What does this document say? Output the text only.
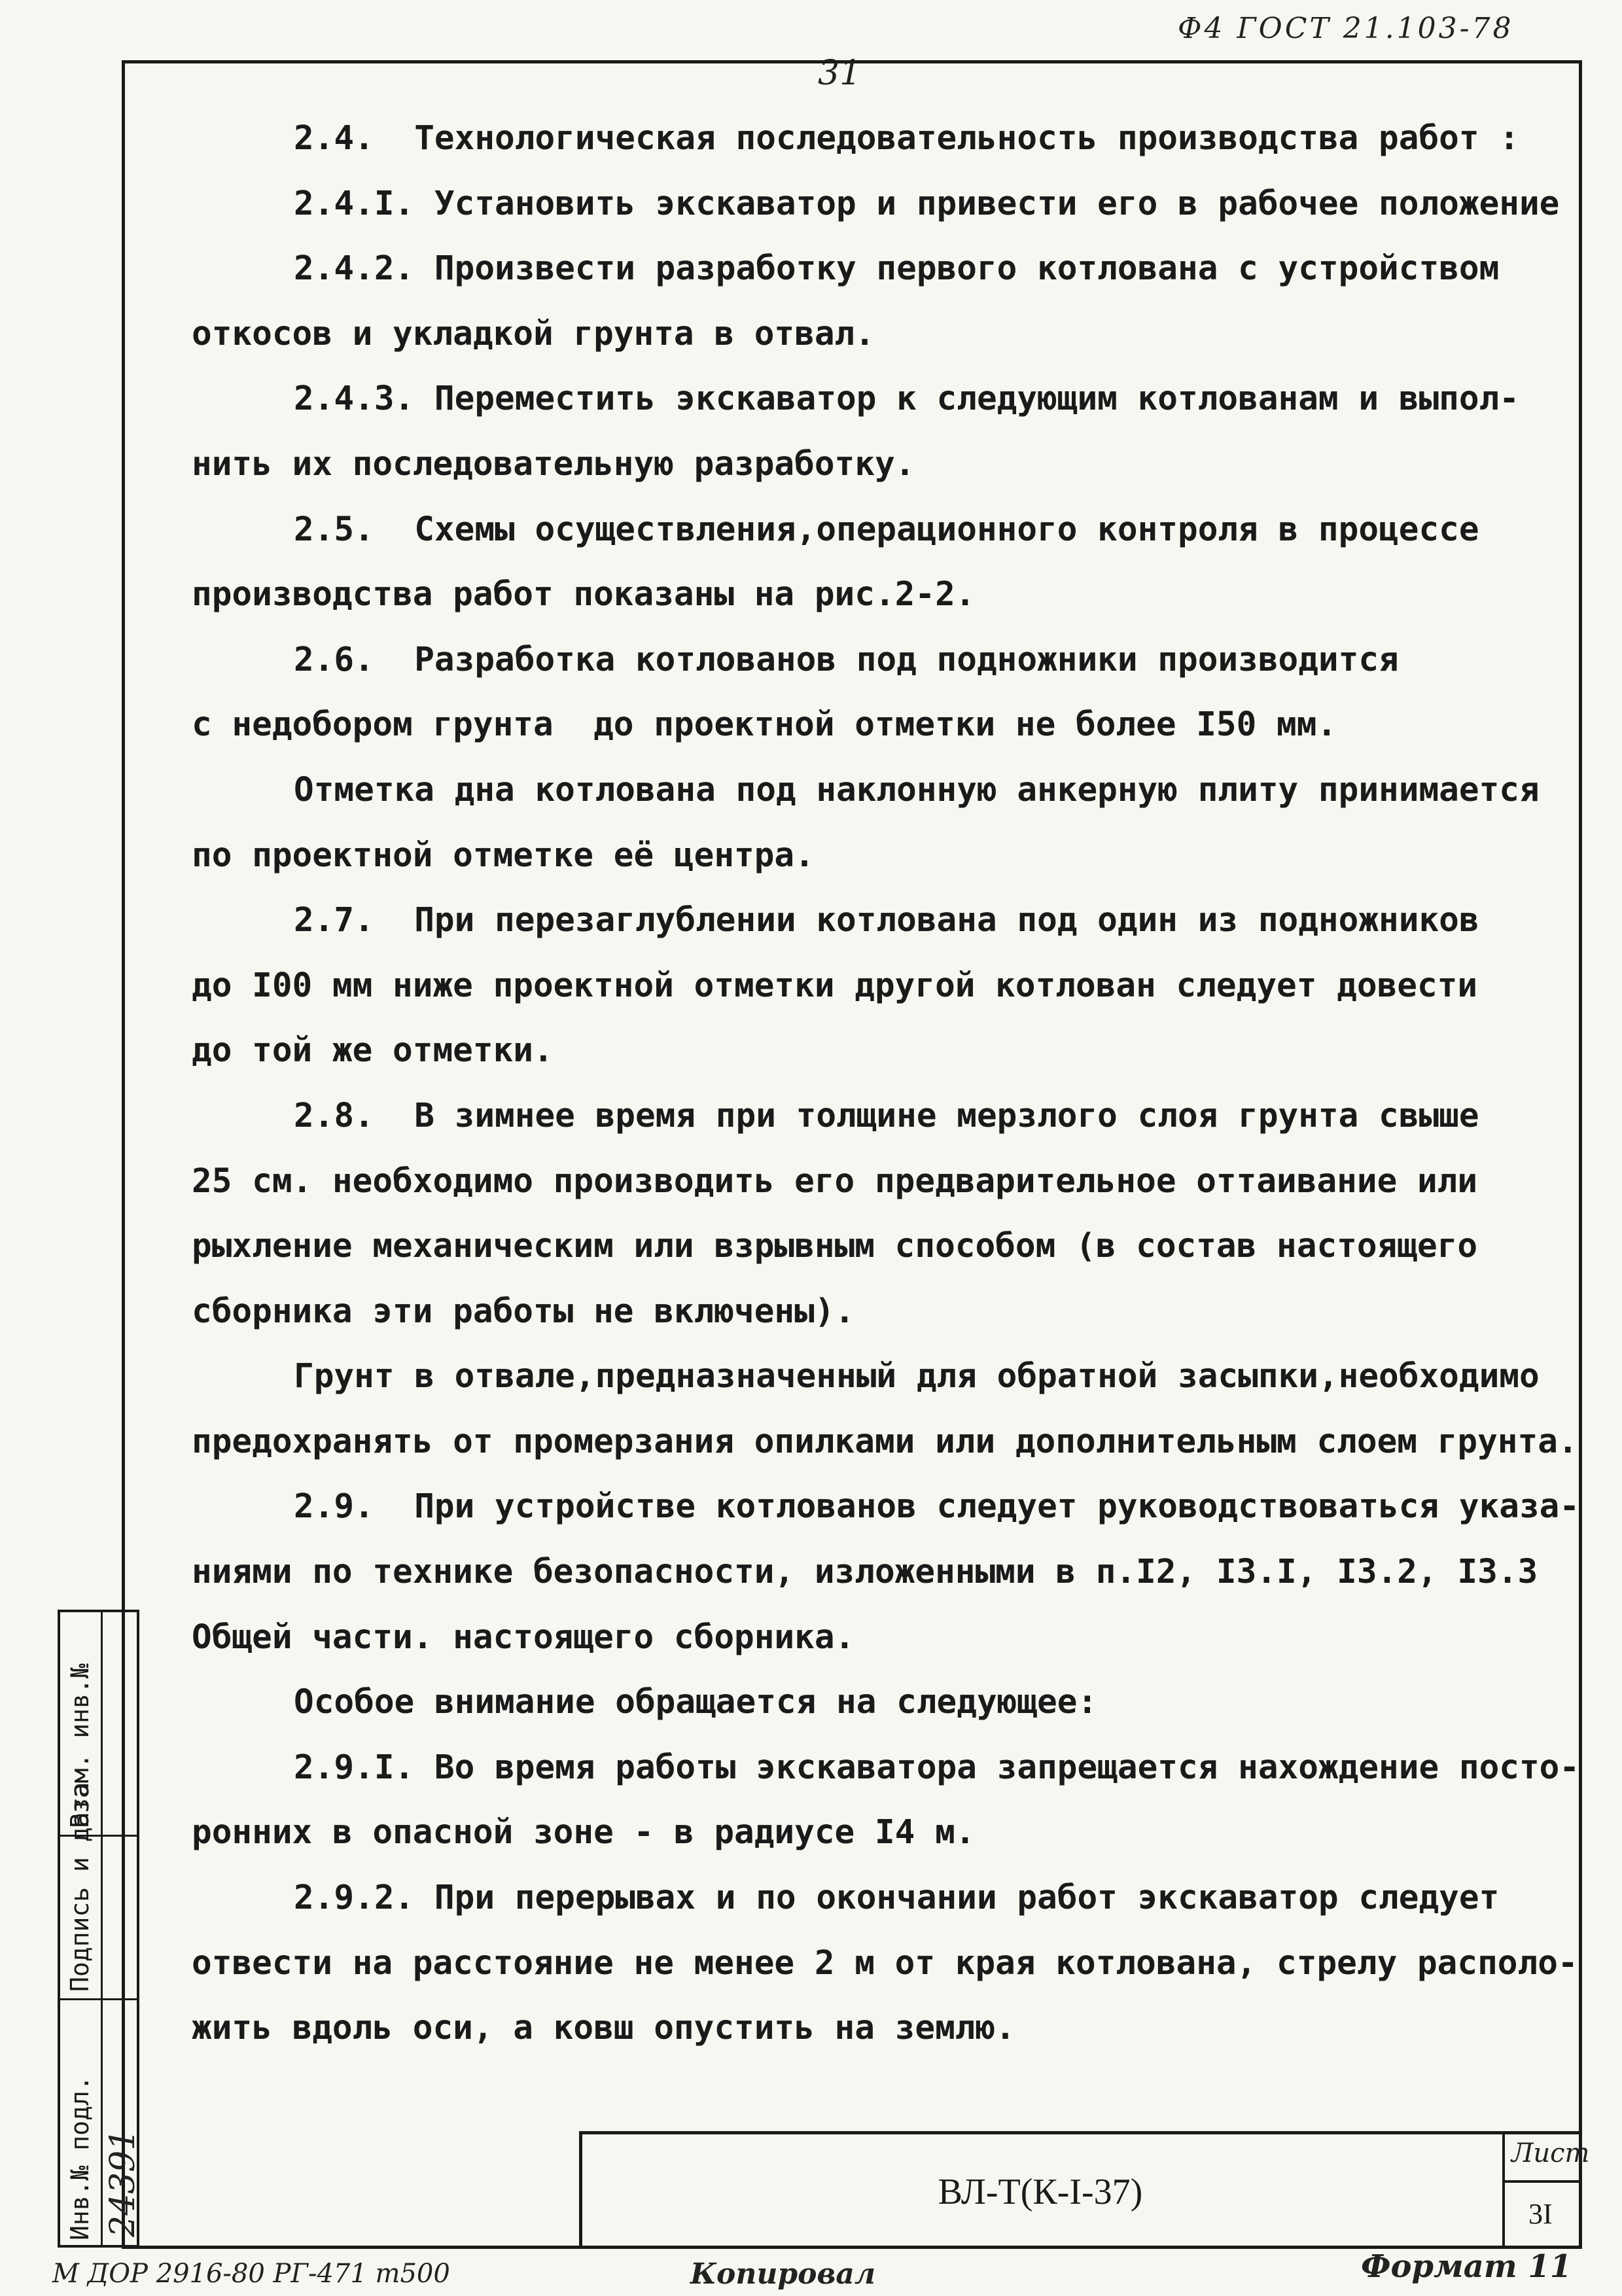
Ф4 ГОСТ 21.103-78
31
2.4.  Технологическая последовательность производства работ :
2.4.I. Установить экскаватор и привести его в рабочее положение
2.4.2. Произвести разработку первого котлована с устройством
откосов и укладкой грунта в отвал.
2.4.3. Переместить экскаватор к следующим котлованам и выпол-
нить их последовательную разработку.
2.5.  Схемы осуществления,операционного контроля в процессе
производства работ показаны на рис.2-2.
2.6.  Разработка котлованов под подножники производится
с недобором грунта  до проектной отметки не более I50 мм.
Отметка дна котлована под наклонную анкерную плиту принимается
по проектной отметке её центра.
2.7.  При перезаглублении котлована под один из подножников
до I00 мм ниже проектной отметки другой котлован следует довести
до той же отметки.
2.8.  В зимнее время при толщине мерзлого слоя грунта свыше
25 см. необходимо производить его предварительное оттаивание или
рыхление механическим или взрывным способом (в состав настоящего
сборника эти работы не включены).
Грунт в отвале,предназначенный для обратной засыпки,необходимо
предохранять от промерзания опилками или дополнительным слоем грунта.
2.9.  При устройстве котлованов следует руководствоваться указа-
ниями по технике безопасности, изложенными в п.I2, I3.I, I3.2, I3.3
Общей части. настоящего сборника.
Особое внимание обращается на следующее:
2.9.I. Во время работы экскаватора запрещается нахождение посто-
ронних в опасной зоне - в радиусе I4 м.
2.9.2. При перерывах и по окончании работ экскаватор следует
отвести на расстояние не менее 2 м от края котлована, стрелу располо-
жить вдоль оси, а ковш опустить на землю.
Взам. инв.№
Подпись и дата
Инв.№ подл. 24391	ВЛ-Т(К-I-37)
Лист
3I
М ДОР 2916-80 РГ-471 т500	Копировал	Формат 11
